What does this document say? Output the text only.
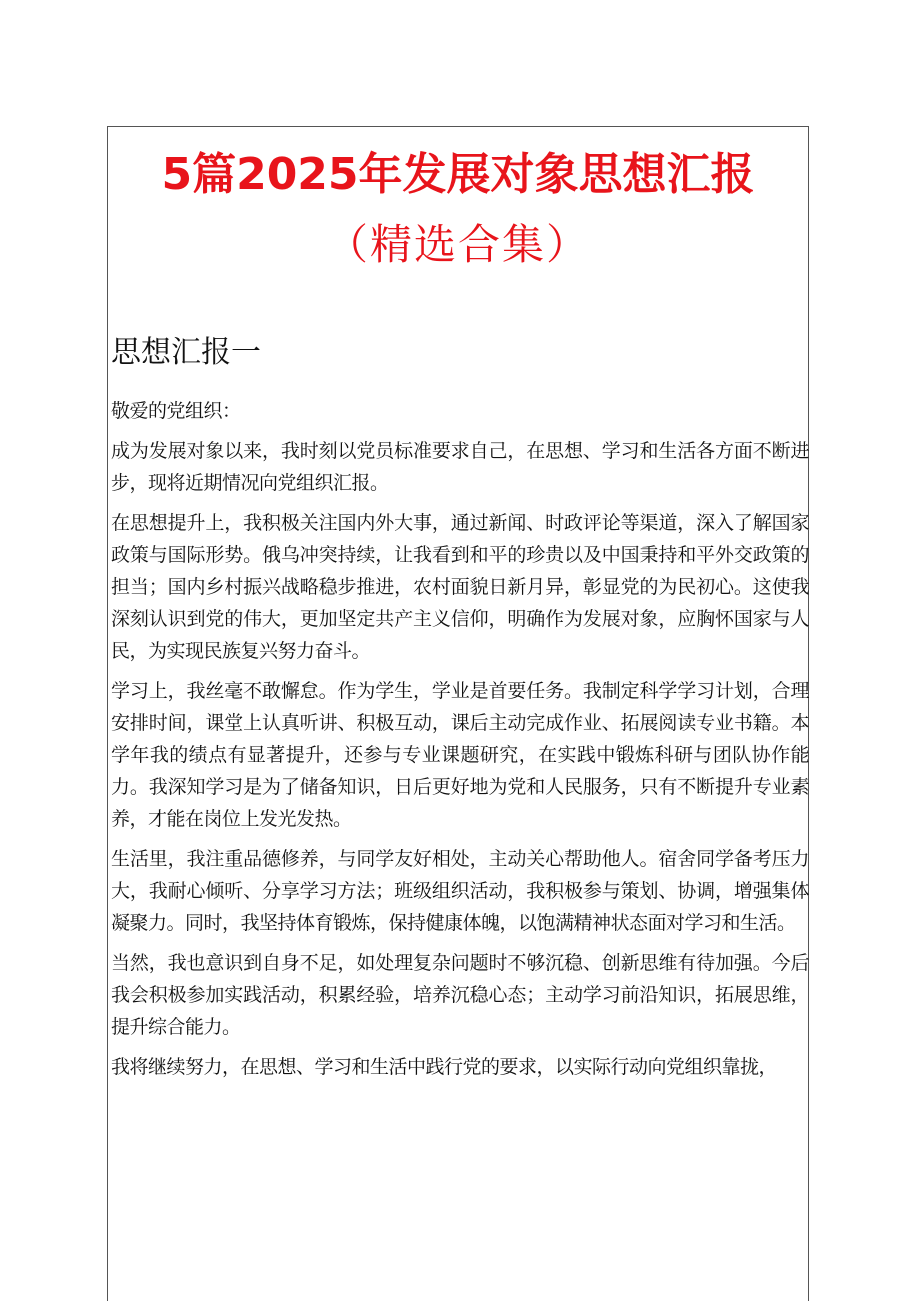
5篇2025年发展对象思想汇报
（精选合集）
思想汇报一

敬爱的党组织：

成为发展对象以来，我时刻以党员标准要求自己，在思想、学习和生活各方面不断进步，现将近期情况向党组织汇报。

在思想提升上，我积极关注国内外大事，通过新闻、时政评论等渠道，深入了解国家政策与国际形势。俄乌冲突持续，让我看到和平的珍贵以及中国秉持和平外交政策的担当；国内乡村振兴战略稳步推进，农村面貌日新月异，彰显党的为民初心。这使我深刻认识到党的伟大，更加坚定共产主义信仰，明确作为发展对象，应胸怀国家与人民，为实现民族复兴努力奋斗。

学习上，我丝毫不敢懈怠。作为学生，学业是首要任务。我制定科学学习计划，合理安排时间，课堂上认真听讲、积极互动，课后主动完成作业、拓展阅读专业书籍。本学年我的绩点有显著提升，还参与专业课题研究，在实践中锻炼科研与团队协作能力。我深知学习是为了储备知识，日后更好地为党和人民服务，只有不断提升专业素养，才能在岗位上发光发热。

生活里，我注重品德修养，与同学友好相处，主动关心帮助他人。宿舍同学备考压力大，我耐心倾听、分享学习方法；班级组织活动，我积极参与策划、协调，增强集体凝聚力。同时，我坚持体育锻炼，保持健康体魄，以饱满精神状态面对学习和生活。

当然，我也意识到自身不足，如处理复杂问题时不够沉稳、创新思维有待加强。今后我会积极参加实践活动，积累经验，培养沉稳心态；主动学习前沿知识，拓展思维，提升综合能力。

我将继续努力，在思想、学习和生活中践行党的要求，以实际行动向党组织靠拢，
